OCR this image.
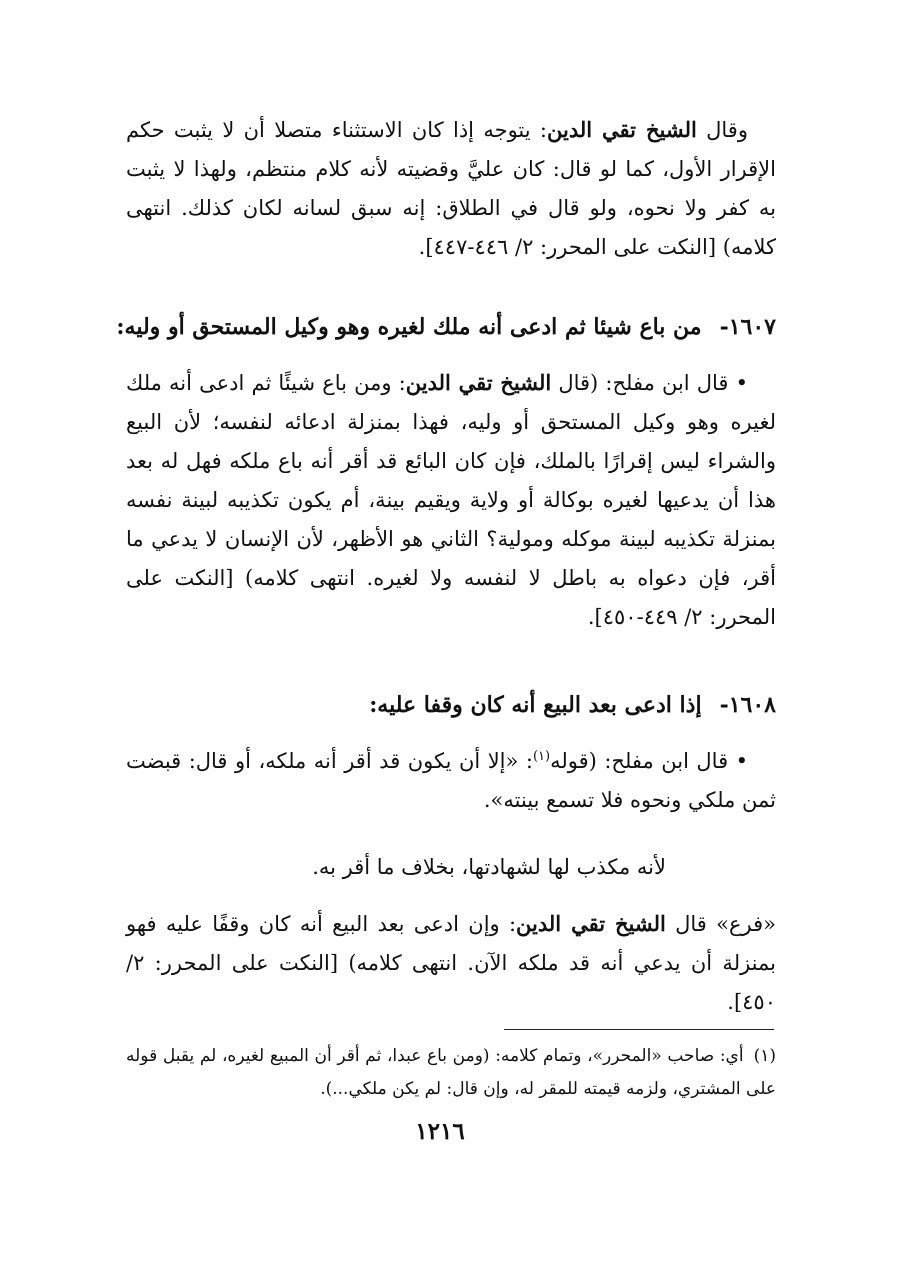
وقال الشيخ تقي الدين: يتوجه إذا كان الاستثناء متصلا أن لا يثبت حكم الإقرار الأول، كما لو قال: كان عليَّ وقضيته لأنه كلام منتظم، ولهذا لا يثبت به كفر ولا نحوه، ولو قال في الطلاق: إنه سبق لسانه لكان كذلك. انتهى كلامه) [النكت على المحرر: ٢/ ٤٤٦-٤٤٧].

١٦٠٧-من باع شيئا ثم ادعى أنه ملك لغيره وهو وكيل المستحق أو وليه:

• قال ابن مفلح: (قال الشيخ تقي الدين: ومن باع شيئًا ثم ادعى أنه ملك لغيره وهو وكيل المستحق أو وليه، فهذا بمنزلة ادعائه لنفسه؛ لأن البيع والشراء ليس إقرارًا بالملك، فإن كان البائع قد أقر أنه باع ملكه فهل له بعد هذا أن يدعيها لغيره بوكالة أو ولاية ويقيم بينة، أم يكون تكذيبه لبينة نفسه بمنزلة تكذيبه لبينة موكله ومولية؟ الثاني هو الأظهر، لأن الإنسان لا يدعي ما أقر، فإن دعواه به باطل لا لنفسه ولا لغيره. انتهى كلامه) [النكت على المحرر: ٢/ ٤٤٩-٤٥٠].

١٦٠٨-إذا ادعى بعد البيع أنه كان وقفا عليه:

• قال ابن مفلح: (قوله$^{(١)}$: «إلا أن يكون قد أقر أنه ملكه، أو قال: قبضت ثمن ملكي ونحوه فلا تسمع بينته».

لأنه مكذب لها لشهادتها، بخلاف ما أقر به.

«فرع» قال الشيخ تقي الدين: وإن ادعى بعد البيع أنه كان وقفًا عليه فهو بمنزلة أن يدعي أنه قد ملكه الآن. انتهى كلامه) [النكت على المحرر: ٢/ ٤٥٠].

(١)أي: صاحب «المحرر»، وتمام كلامه: (ومن باع عبدا، ثم أقر أن المبيع لغيره، لم يقبل قوله على المشتري، ولزمه قيمته للمقر له، وإن قال: لم يكن ملكي...).

١٢١٦
